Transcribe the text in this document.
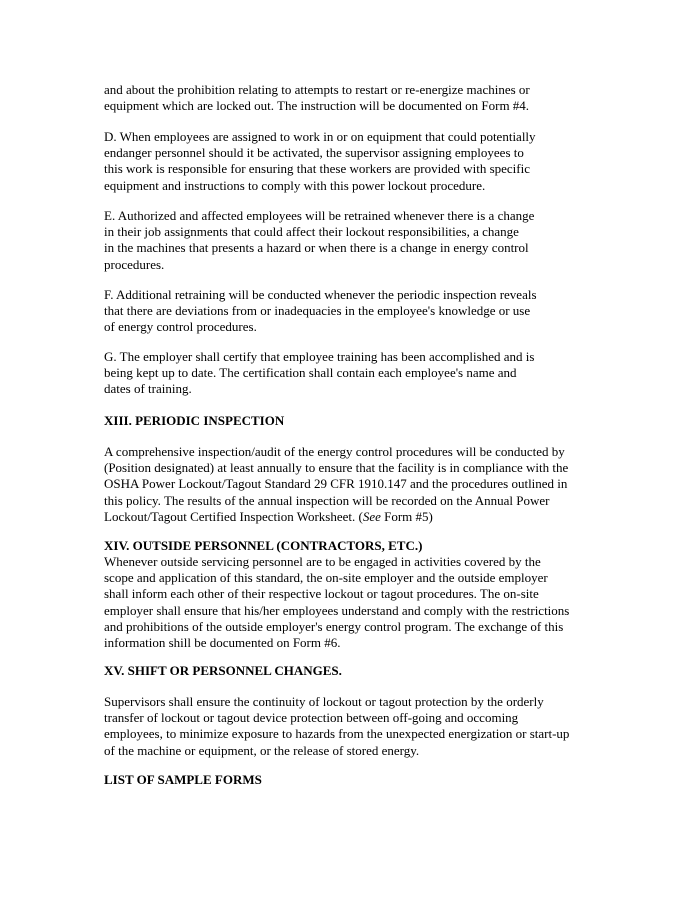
and about the prohibition relating to attempts to restart or re-energize machines or
equipment which are locked out. The instruction will be documented on Form #4.
D. When employees are assigned to work in or on equipment that could potentially
endanger personnel should it be activated, the supervisor assigning employees to
this work is responsible for ensuring that these workers are provided with specific
equipment and instructions to comply with this power lockout procedure.
E. Authorized and affected employees will be retrained whenever there is a change
in their job assignments that could affect their lockout responsibilities, a change
in the machines that presents a hazard or when there is a change in energy control
procedures.
F. Additional retraining will be conducted whenever the periodic inspection reveals
that there are deviations from or inadequacies in the employee's knowledge or use
of energy control procedures.
G. The employer shall certify that employee training has been accomplished and is
being kept up to date. The certification shall contain each employee's name and
dates of training.
XIII. PERIODIC INSPECTION
A comprehensive inspection/audit of the energy control procedures will be conducted by
(Position designated) at least annually to ensure that the facility is in compliance with the
OSHA Power Lockout/Tagout Standard 29 CFR 1910.147 and the procedures outlined in
this policy. The results of the annual inspection will be recorded on the Annual Power
Lockout/Tagout Certified Inspection Worksheet. (See Form #5)
XIV. OUTSIDE PERSONNEL (CONTRACTORS, ETC.)
Whenever outside servicing personnel are to be engaged in activities covered by the
scope and application of this standard, the on-site employer and the outside employer
shall inform each other of their respective lockout or tagout procedures. The on-site
employer shall ensure that his/her employees understand and comply with the restrictions
and prohibitions of the outside employer's energy control program. The exchange of this
information shill be documented on Form #6.
XV. SHIFT OR PERSONNEL CHANGES.
Supervisors shall ensure the continuity of lockout or tagout protection by the orderly
transfer of lockout or tagout device protection between off-going and occoming
employees, to minimize exposure to hazards from the unexpected energization or start-up
of the machine or equipment, or the release of stored energy.
LIST OF SAMPLE FORMS
